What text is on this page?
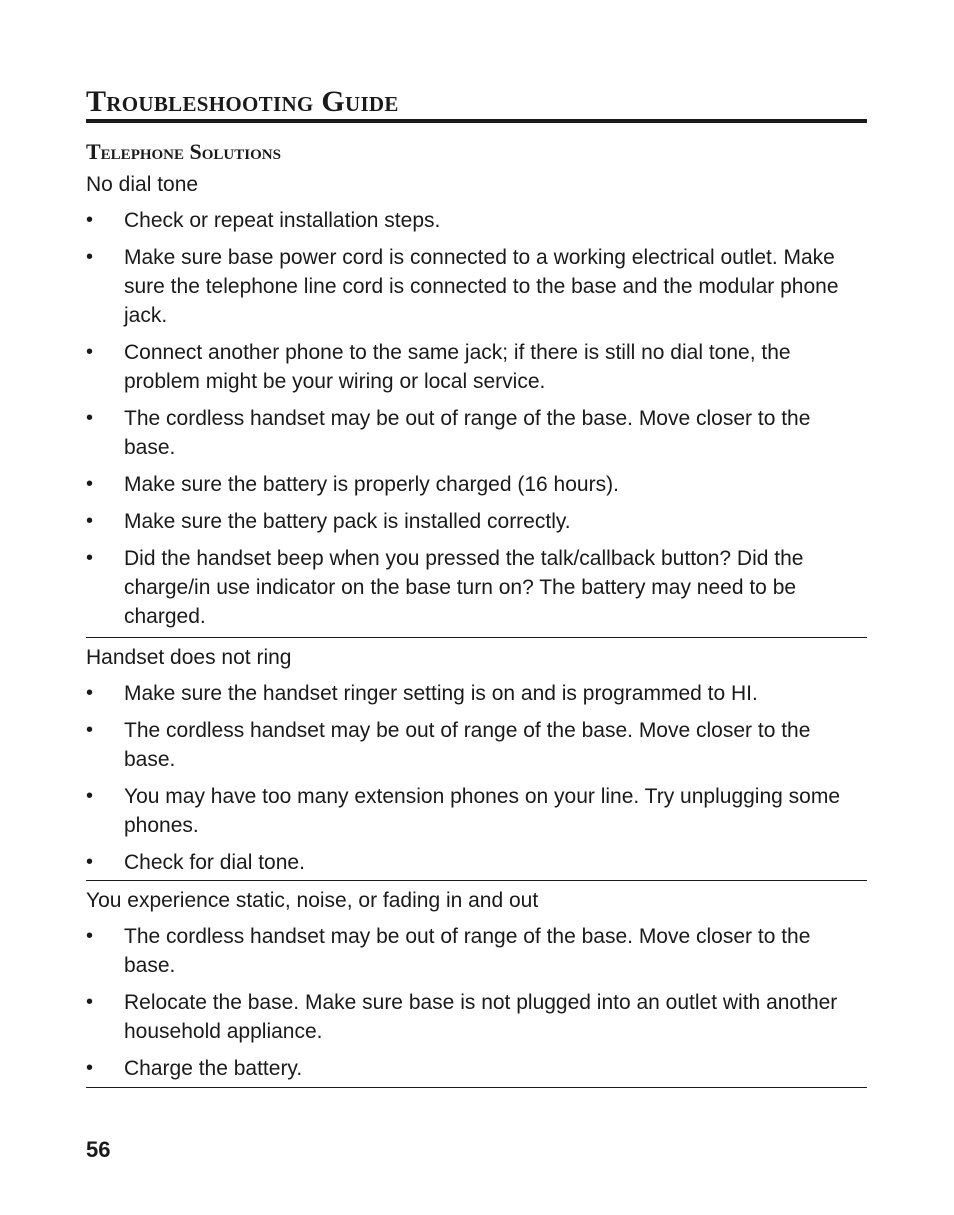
Troubleshooting Guide
Telephone Solutions

No dial tone

• Check or repeat installation steps.
• Make sure base power cord is connected to a working electrical outlet. Make sure the telephone line cord is connected to the base and the modular phone jack.
• Connect another phone to the same jack; if there is still no dial tone, the problem might be your wiring or local service.
• The cordless handset may be out of range of the base. Move closer to the base.
• Make sure the battery is properly charged (16 hours).
• Make sure the battery pack is installed correctly.
• Did the handset beep when you pressed the talk/callback button? Did the charge/in use indicator on the base turn on? The battery may need to be charged.

Handset does not ring

• Make sure the handset ringer setting is on and is programmed to HI.
• The cordless handset may be out of range of the base. Move closer to the base.
• You may have too many extension phones on your line. Try unplugging some phones.
• Check for dial tone.

You experience static, noise, or fading in and out

• The cordless handset may be out of range of the base. Move closer to the base.
• Relocate the base. Make sure base is not plugged into an outlet with another household appliance.
• Charge the battery.
56
